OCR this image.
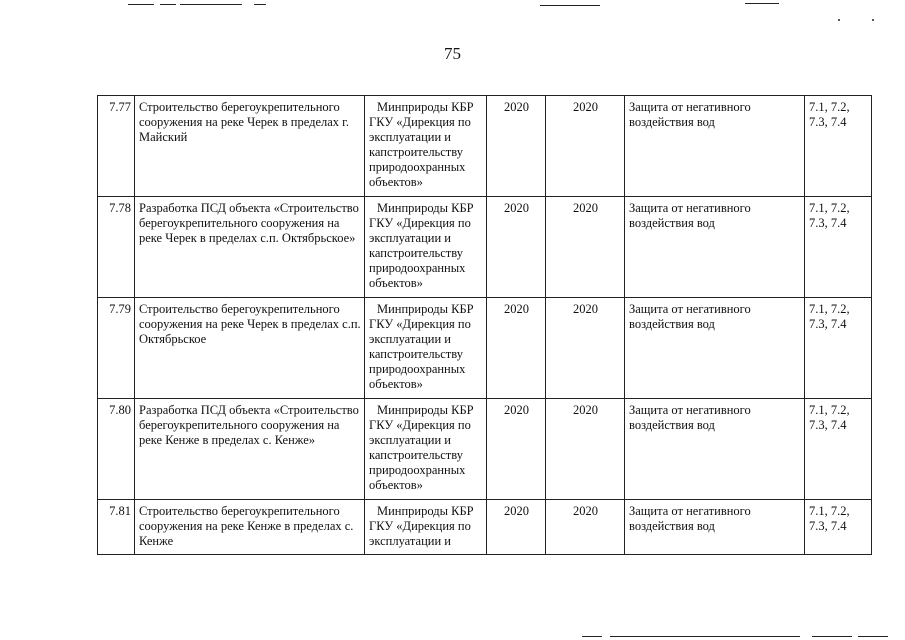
75
7.77	Строительство берегоукрепительного сооружения на реке Черек в пределах г. Майский	Минприроды КБР ГКУ «Дирекция по эксплуатации и капстроительству природоохранных объектов»	2020	2020	Защита от негативного воздействия вод	7.1, 7.2, 7.3, 7.4
7.78	Разработка ПСД объекта «Строительство берегоукрепительного сооружения на реке Черек в пределах с.п. Октябрьское»	Минприроды КБР ГКУ «Дирекция по эксплуатации и капстроительству природоохранных объектов»	2020	2020	Защита от негативного воздействия вод	7.1, 7.2, 7.3, 7.4
7.79	Строительство берегоукрепительного сооружения на реке Черек в пределах с.п. Октябрьское	Минприроды КБР ГКУ «Дирекция по эксплуатации и капстроительству природоохранных объектов»	2020	2020	Защита от негативного воздействия вод	7.1, 7.2, 7.3, 7.4
7.80	Разработка ПСД объекта «Строительство берегоукрепительного сооружения на реке Кенже в пределах с. Кенже»	Минприроды КБР ГКУ «Дирекция по эксплуатации и капстроительству природоохранных объектов»	2020	2020	Защита от негативного воздействия вод	7.1, 7.2, 7.3, 7.4
7.81	Строительство берегоукрепительного сооружения на реке Кенже в пределах с. Кенже	Минприроды КБР ГКУ «Дирекция по эксплуатации и	2020	2020	Защита от негативного воздействия вод	7.1, 7.2, 7.3, 7.4
